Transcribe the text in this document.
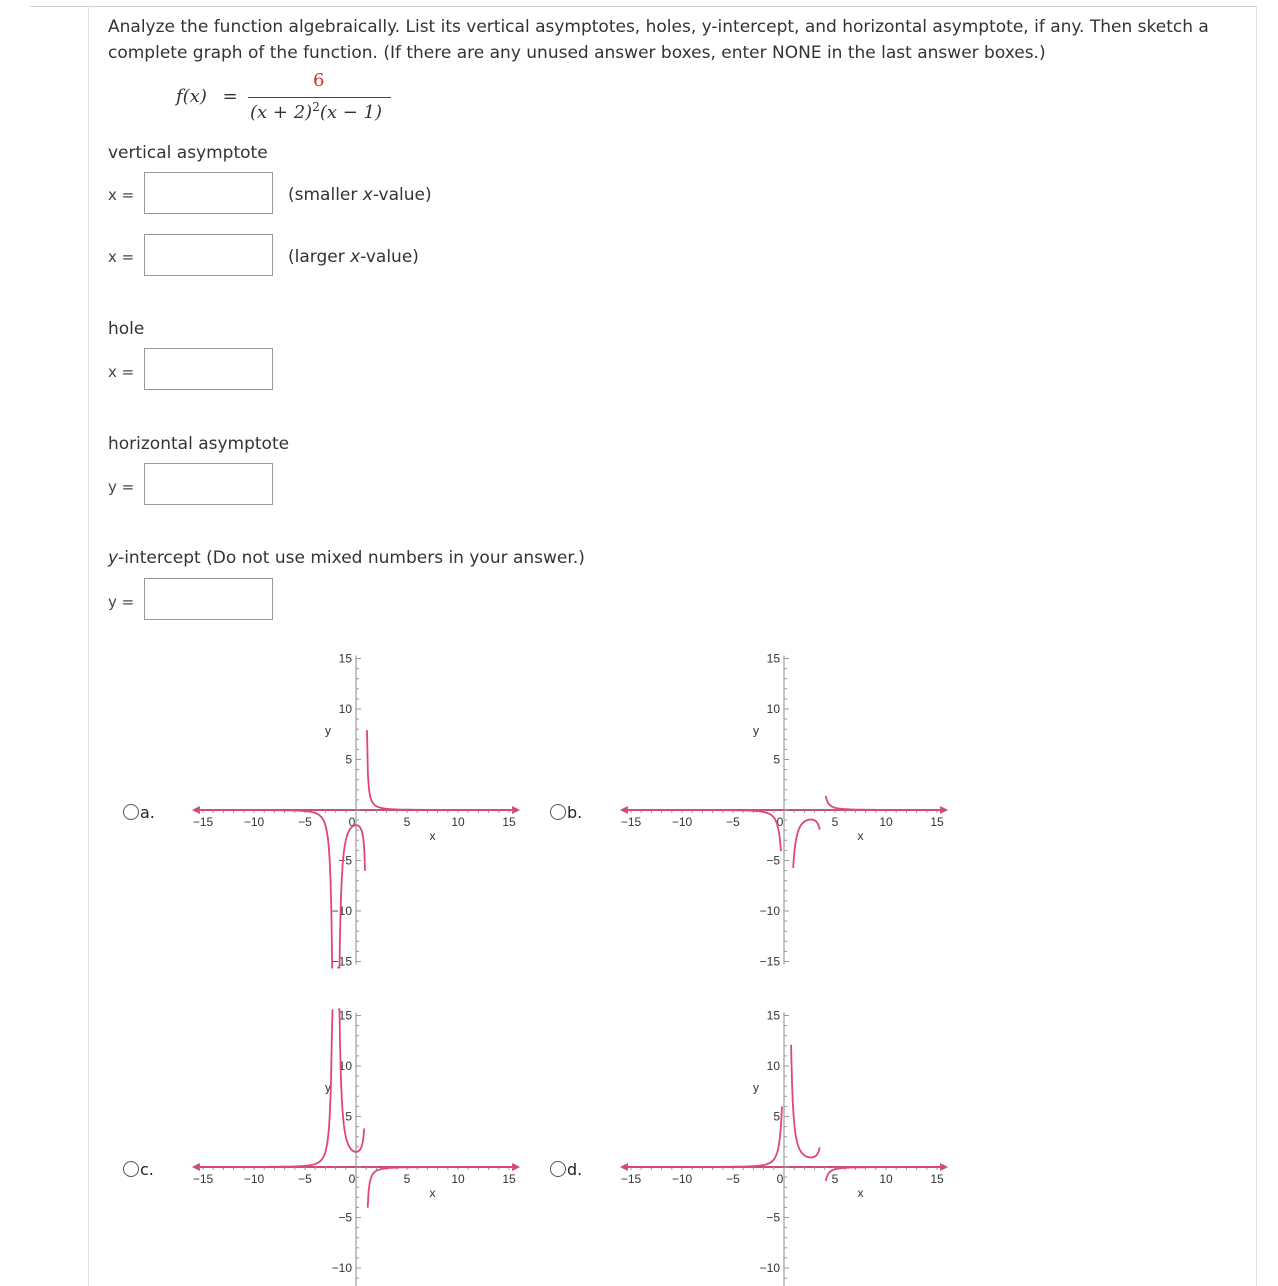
Analyze the function algebraically. List its vertical asymptotes, holes, y-intercept, and horizontal asymptote, if any. Then sketch a complete graph of the function. (If there are any unused answer boxes, enter NONE in the last answer boxes.)

f(x) =
6
$(x + 2)^2(x - 1)$
vertical asymptote
x =	(smaller x-value)
x =	(larger x-value)
hole
x =
horizontal asymptote
y =
y-intercept (Do not use mixed numbers in your answer.)
y =
a.	b.
c.	d.
−15	−10	−5	0	5	10	15
15
10
5
−5
−10
−15
x
y
−15	−10	−5	0	5	10	15
15
10
5
−5
−10
−15
x
y
−15	−10	−5	0	5	10	15
15
10
5
−5
−10
x
y
−15	−10	−5	0	5	10	15
15
10
5
−5
−10
x
y
